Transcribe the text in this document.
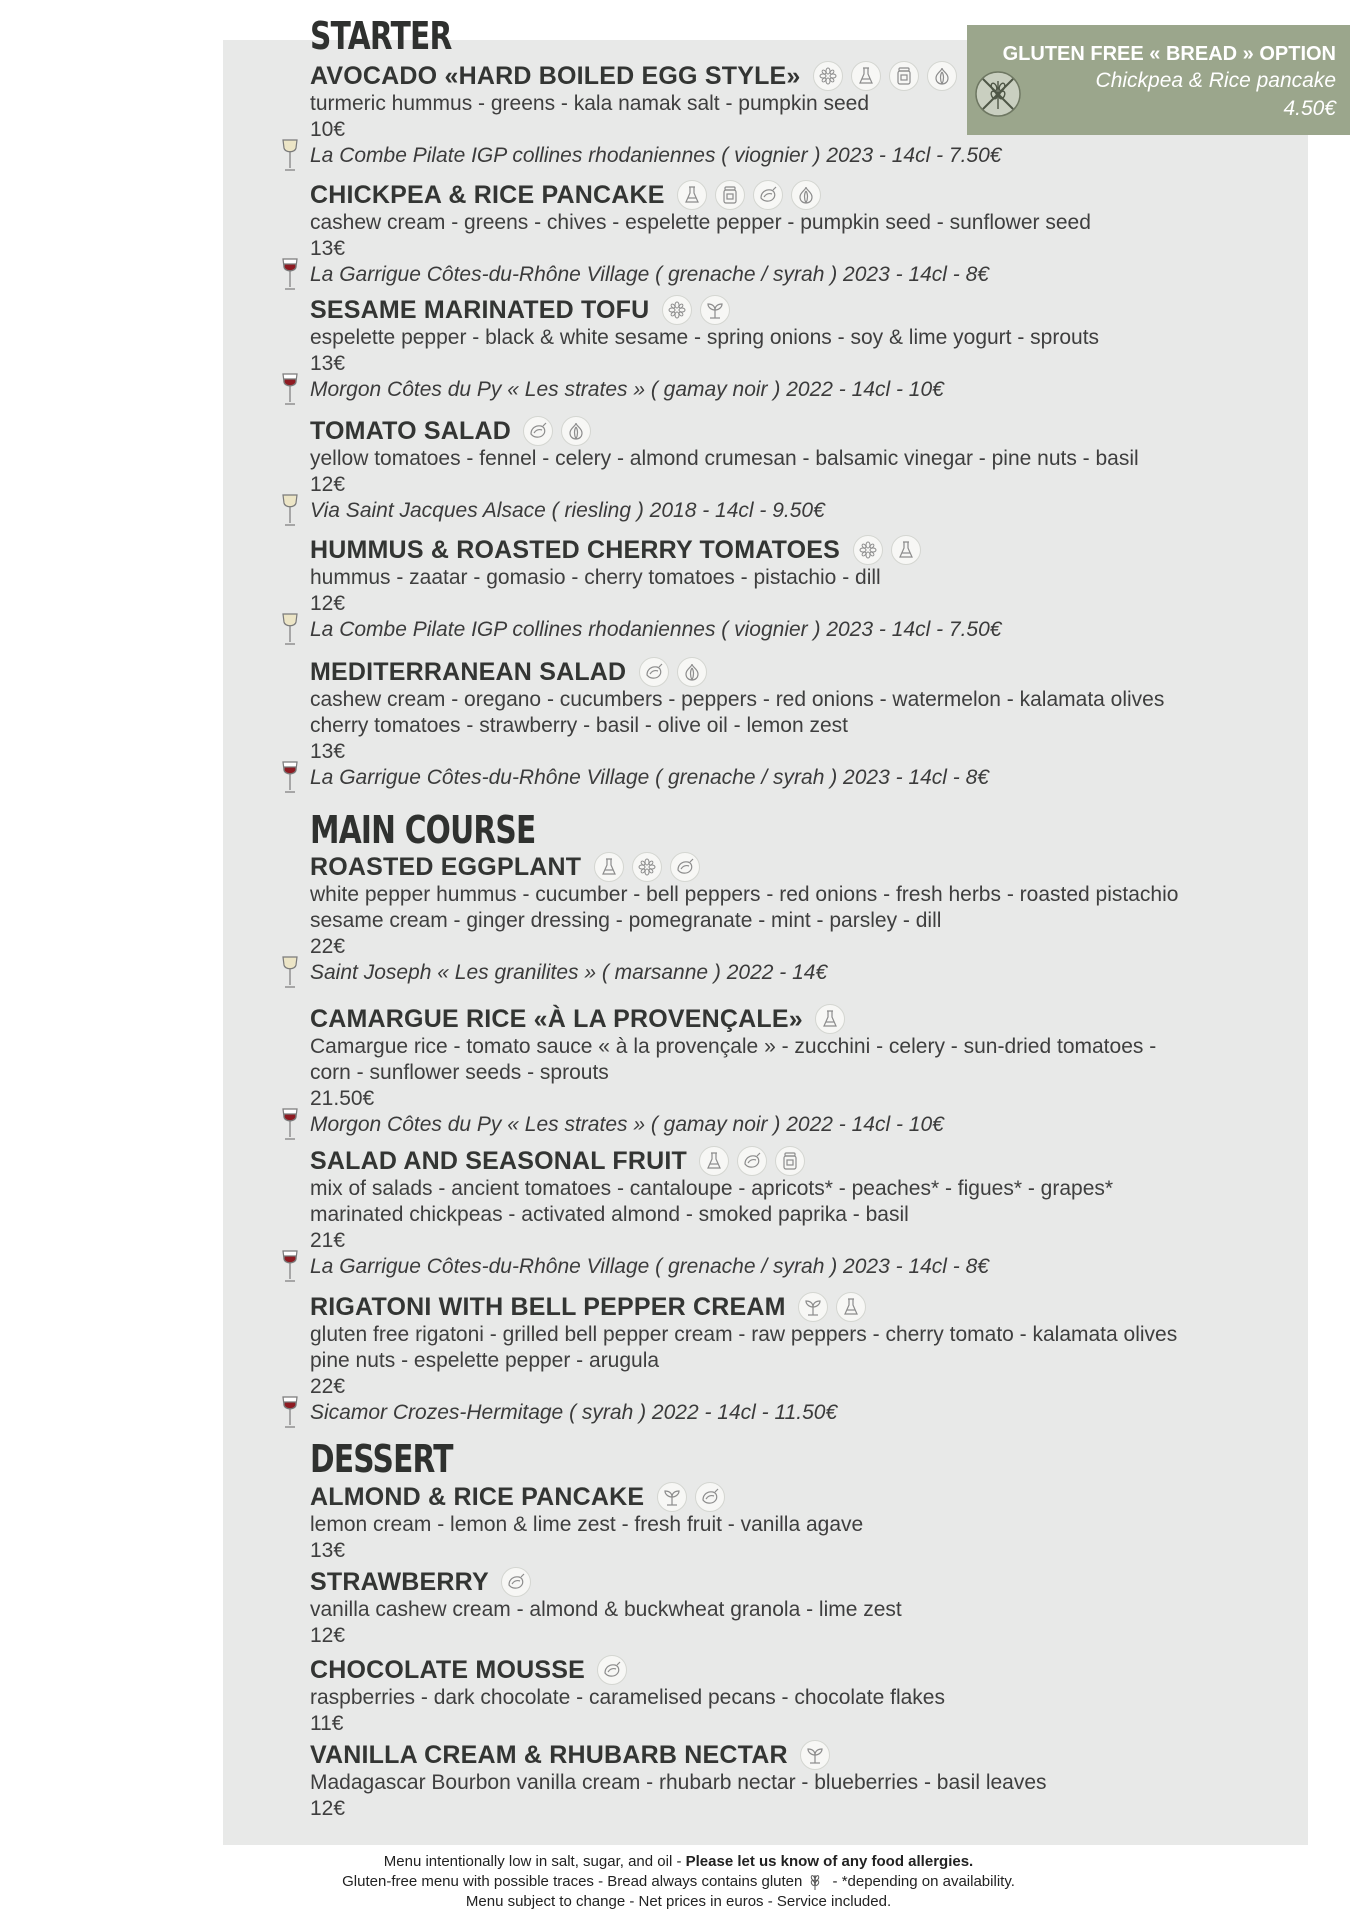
GLUTEN FREE « BREAD » OPTION
Chickpea & Rice pancake
4.50€
STARTER
AVOCADO «HARD BOILED EGG STYLE»
turmeric hummus - greens - kala namak salt - pumpkin seed
10€
La Combe Pilate IGP collines rhodaniennes ( viognier ) 2023 - 14cl - 7.50€
CHICKPEA & RICE PANCAKE
cashew cream - greens - chives - espelette pepper - pumpkin seed - sunflower seed
13€
La Garrigue Côtes-du-Rhône Village ( grenache / syrah ) 2023 - 14cl - 8€
SESAME MARINATED TOFU
espelette pepper - black & white sesame - spring onions - soy & lime yogurt - sprouts
13€
Morgon Côtes du Py « Les strates » ( gamay noir ) 2022 - 14cl - 10€
TOMATO SALAD
yellow tomatoes - fennel - celery - almond crumesan - balsamic vinegar - pine nuts - basil
12€
Via Saint Jacques Alsace ( riesling ) 2018 - 14cl - 9.50€
HUMMUS & ROASTED CHERRY TOMATOES
hummus - zaatar - gomasio - cherry tomatoes - pistachio - dill
12€
La Combe Pilate IGP collines rhodaniennes ( viognier ) 2023 - 14cl - 7.50€
MEDITERRANEAN SALAD
cashew cream - oregano - cucumbers - peppers - red onions - watermelon - kalamata olives
cherry tomatoes - strawberry - basil - olive oil - lemon zest
13€
La Garrigue Côtes-du-Rhône Village ( grenache / syrah ) 2023 - 14cl - 8€
MAIN COURSE
ROASTED EGGPLANT
white pepper hummus - cucumber - bell peppers - red onions - fresh herbs - roasted pistachio
sesame cream - ginger dressing - pomegranate - mint - parsley - dill
22€
Saint Joseph « Les granilites » ( marsanne ) 2022 - 14€
CAMARGUE RICE «À LA PROVENÇALE»
Camargue rice - tomato sauce « à la provençale » - zucchini - celery - sun-dried tomatoes -
corn - sunflower seeds - sprouts
21.50€
Morgon Côtes du Py « Les strates » ( gamay noir ) 2022 - 14cl - 10€
SALAD AND SEASONAL FRUIT
mix of salads - ancient tomatoes - cantaloupe - apricots* - peaches* - figues* - grapes*
marinated chickpeas - activated almond - smoked paprika - basil
21€
La Garrigue Côtes-du-Rhône Village ( grenache / syrah ) 2023 - 14cl - 8€
RIGATONI WITH BELL PEPPER CREAM
gluten free rigatoni - grilled bell pepper cream - raw peppers - cherry tomato - kalamata olives
pine nuts - espelette pepper - arugula
22€
Sicamor Crozes-Hermitage ( syrah ) 2022 - 14cl - 11.50€
DESSERT
ALMOND & RICE PANCAKE
lemon cream - lemon & lime zest - fresh fruit - vanilla agave
13€
STRAWBERRY
vanilla cashew cream - almond & buckwheat granola - lime zest
12€
CHOCOLATE MOUSSE
raspberries - dark chocolate - caramelised pecans - chocolate flakes
11€
VANILLA CREAM & RHUBARB NECTAR
Madagascar Bourbon vanilla cream - rhubarb nectar - blueberries - basil leaves
12€
Menu intentionally low in salt, sugar, and oil - Please let us know of any food allergies.
Gluten-free menu with possible traces - Bread always contains gluten - *depending on availability.
Menu subject to change - Net prices in euros - Service included.
